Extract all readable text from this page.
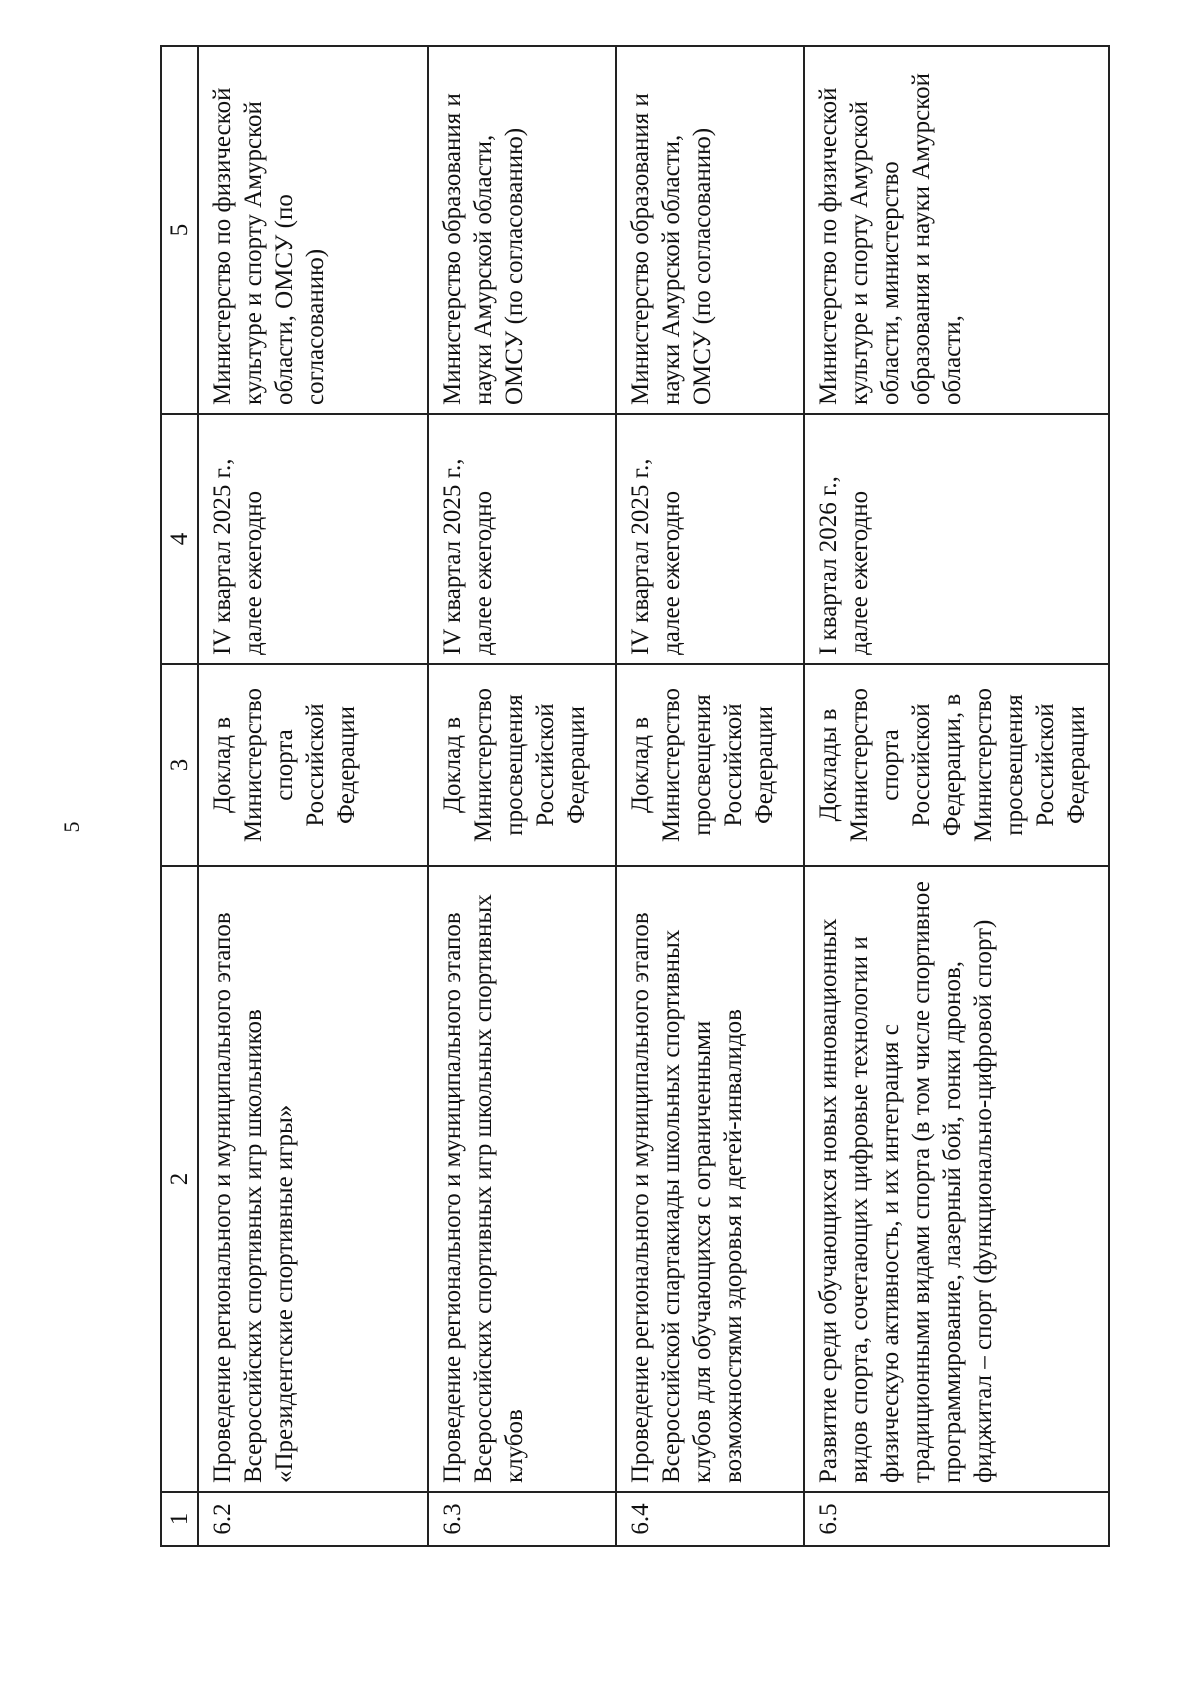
5
1	2	3	4	5
6.2	Проведение регионального и муниципального этапов Всероссийских спортивных игр школьников «Президентские спортивные игры»	Доклад в Министерство спорта Российской Федерации	IV квартал 2025 г., далее ежегодно	Министерство по физической культуре и спорту Амурской области, ОМСУ (по согласованию)
6.3	Проведение регионального и муниципального этапов Всероссийских спортивных игр школьных спортивных клубов	Доклад в Министерство просвещения Российской Федерации	IV квартал 2025 г., далее ежегодно	Министерство образования и науки Амурской области, ОМСУ (по согласованию)
6.4	Проведение регионального и муниципального этапов Всероссийской спартакиады школьных спортивных клубов для обучающихся с ограниченными возможностями здоровья и детей-инвалидов	Доклад в Министерство просвещения Российской Федерации	IV квартал 2025 г., далее ежегодно	Министерство образования и науки Амурской области, ОМСУ (по согласованию)
6.5	Развитие среди обучающихся новых инновационных видов спорта, сочетающих цифровые технологии и физическую активность, и их интеграция с традиционными видами спорта (в том числе спортивное программирование, лазерный бой, гонки дронов, фиджитал – спорт (функционально-цифровой спорт)	Доклады в Министерство спорта Российской Федерации, в Министерство просвещения Российской Федерации	I квартал 2026 г., далее ежегодно	Министерство по физической культуре и спорту Амурской области, министерство образования и науки Амурской области,
